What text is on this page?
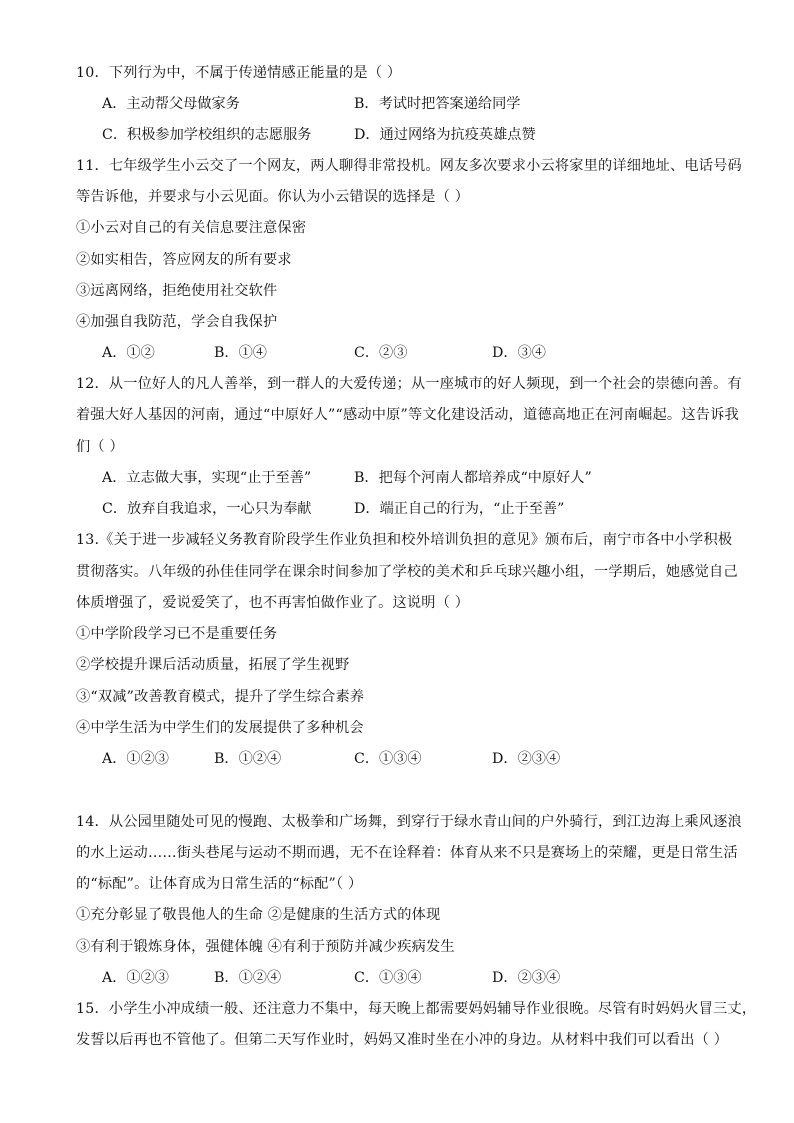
10．下列行为中，不属于传递情感正能量的是（ ）
A．主动帮父母做家务	B．考试时把答案递给同学
C．积极参加学校组织的志愿服务	D．通过网络为抗疫英雄点赞
11．七年级学生小云交了一个网友，两人聊得非常投机。网友多次要求小云将家里的详细地址、电话号码
等告诉他，并要求与小云见面。你认为小云错误的选择是（ ）
①小云对自己的有关信息要注意保密
②如实相告，答应网友的所有要求
③远离网络，拒绝使用社交软件
④加强自我防范，学会自我保护
A．①②	B．①④	C．②③	D．③④
12．从一位好人的凡人善举，到一群人的大爱传递；从一座城市的好人频现，到一个社会的崇德向善。有
着强大好人基因的河南，通过“中原好人”“感动中原”等文化建设活动，道德高地正在河南崛起。这告诉我
们（ ）
A．立志做大事，实现“止于至善”	B．把每个河南人都培养成“中原好人”
C．放弃自我追求，一心只为奉献	D．端正自己的行为，“止于至善”
13.《关于进一步减轻义务教育阶段学生作业负担和校外培训负担的意见》颁布后，南宁市各中小学积极
贯彻落实。八年级的孙佳佳同学在课余时间参加了学校的美术和乒乓球兴趣小组，一学期后，她感觉自己
体质增强了，爱说爱笑了，也不再害怕做作业了。这说明（ ）
①中学阶段学习已不是重要任务
②学校提升课后活动质量，拓展了学生视野
③“双减”改善教育模式，提升了学生综合素养
④中学生活为中学生们的发展提供了多种机会
A．①②③	B．①②④	C．①③④	D．②③④
14．从公园里随处可见的慢跑、太极拳和广场舞，到穿行于绿水青山间的户外骑行，到江边海上乘风逐浪
的水上运动……街头巷尾与运动不期而遇，无不在诠释着：体育从来不只是赛场上的荣耀，更是日常生活
的“标配”。让体育成为日常生活的“标配”（ ）
①充分彰显了敬畏他人的生命 ②是健康的生活方式的体现
③有利于锻炼身体，强健体魄 ④有利于预防并减少疾病发生
A．①②③	B．①②④	C．①③④	D．②③④
15．小学生小冲成绩一般、还注意力不集中，每天晚上都需要妈妈辅导作业很晚。尽管有时妈妈火冒三丈，
发誓以后再也不管他了。但第二天写作业时，妈妈又准时坐在小冲的身边。从材料中我们可以看出（ ）
